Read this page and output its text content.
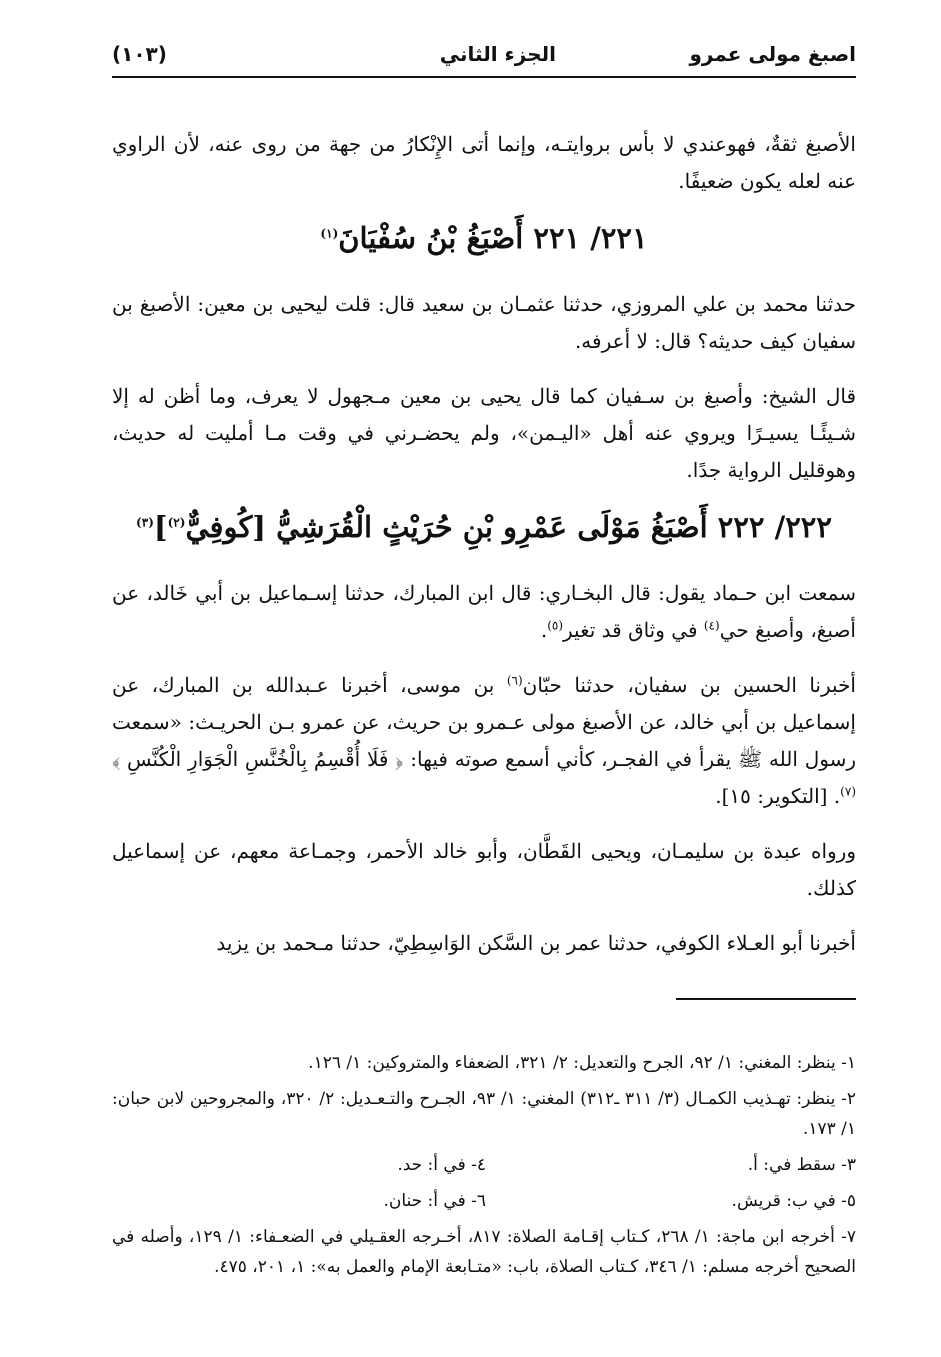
اصبغ مولى عمرو
الجزء الثاني
(١٠٣)

الأصبغ ثقةٌ، فهوعندي لا بأس بروايتـه، وإنما أتى الإِنْكارُ من جهة من روى عنه، لأن الراوي عنه لعله يكون ضعيفًا.

٢٢١/ ٢٢١ أَصْبَغُ بْنُ سُفْيَانَ$^{(١)}$

حدثنا محمد بن علي المروزي، حدثنا عثمـان بن سعيد قال: قلت ليحيى بن معين: الأصبغ بن سفيان كيف حديثه؟ قال: لا أعرفه.

قال الشيخ: وأصبغ بن سـفيان كما قال يحيى بن معين مـجهول لا يعرف، وما أظن له إلا شـيئًـا يسيـرًا ويروي عنه أهل «اليـمن»، ولم يحضـرني في وقت مـا أمليت له حديث، وهوقليل الرواية جدًا.

٢٢٢/ ٢٢٢ أَصْبَغُ مَوْلَى عَمْرِو بْنِ حُرَيْثٍ الْقُرَشِيُّ [كُوفِيٌّ$^{(٢)}$]$^{(٣)}$

سمعت ابن حـماد يقول: قال البخـاري: قال ابن المبارك، حدثنا إسـماعيل بن أبي خَالد، عن أصبغ، وأصبغ حي$^{(٤)}$ في وثاق قد تغير$^{(٥)}$.

أخبرنا الحسين بن سفيان، حدثنا حبّان$^{(٦)}$ بن موسى، أخبرنا عـبدالله بن المبارك، عن إسماعيل بن أبي خالد، عن الأصبغ مولى عـمرو بن حريث، عن عمرو بـن الحريـث: «سمعت رسول الله ﷺ يقرأ في الفجـر، كأني أسمع صوته فيها: ﴿ فَلَا أُقْسِمُ بِالْخُنَّسِ الْجَوَارِ الْكُنَّسِ ﴾$^{(٧)}$. [التكوير: ١٥].

ورواه عبدة بن سليمـان، ويحيى القَطَّان، وأبو خالد الأحمر، وجمـاعة معهم، عن إسماعيل كذلك.

أخبرنا أبو العـلاء الكوفي، حدثنا عمر بن السَّكن الوَاسِطِيّ، حدثنا مـحمد بن يزيد

١- ينظر: المغني: ١/ ٩٢، الجرح والتعديل: ٢/ ٣٢١، الضعفاء والمتروكين: ١/ ١٢٦.

٢- ينظر: تهـذيب الكمـال (٣/ ٣١١ ـ٣١٢) المغني: ١/ ٩٣، الجـرح والتـعـديل: ٢/ ٣٢٠، والمجروحين لابن حبان: ١/ ١٧٣.

٣- سقط في: أ.

٤- في أ: حد.

٥- في ب: قريش.

٦- في أ: حنان.

٧- أخرجه ابن ماجة: ١/ ٢٦٨، كـتاب إقـامة الصلاة: ٨١٧، أخـرجه العقـيلي في الضعـفاء: ١/ ١٢٩، وأصله في الصحيح أخرجه مسلم: ١/ ٣٤٦، كـتاب الصلاة، باب: «متـابعة الإمام والعمل به»: ١، ٢٠١، ٤٧٥.
